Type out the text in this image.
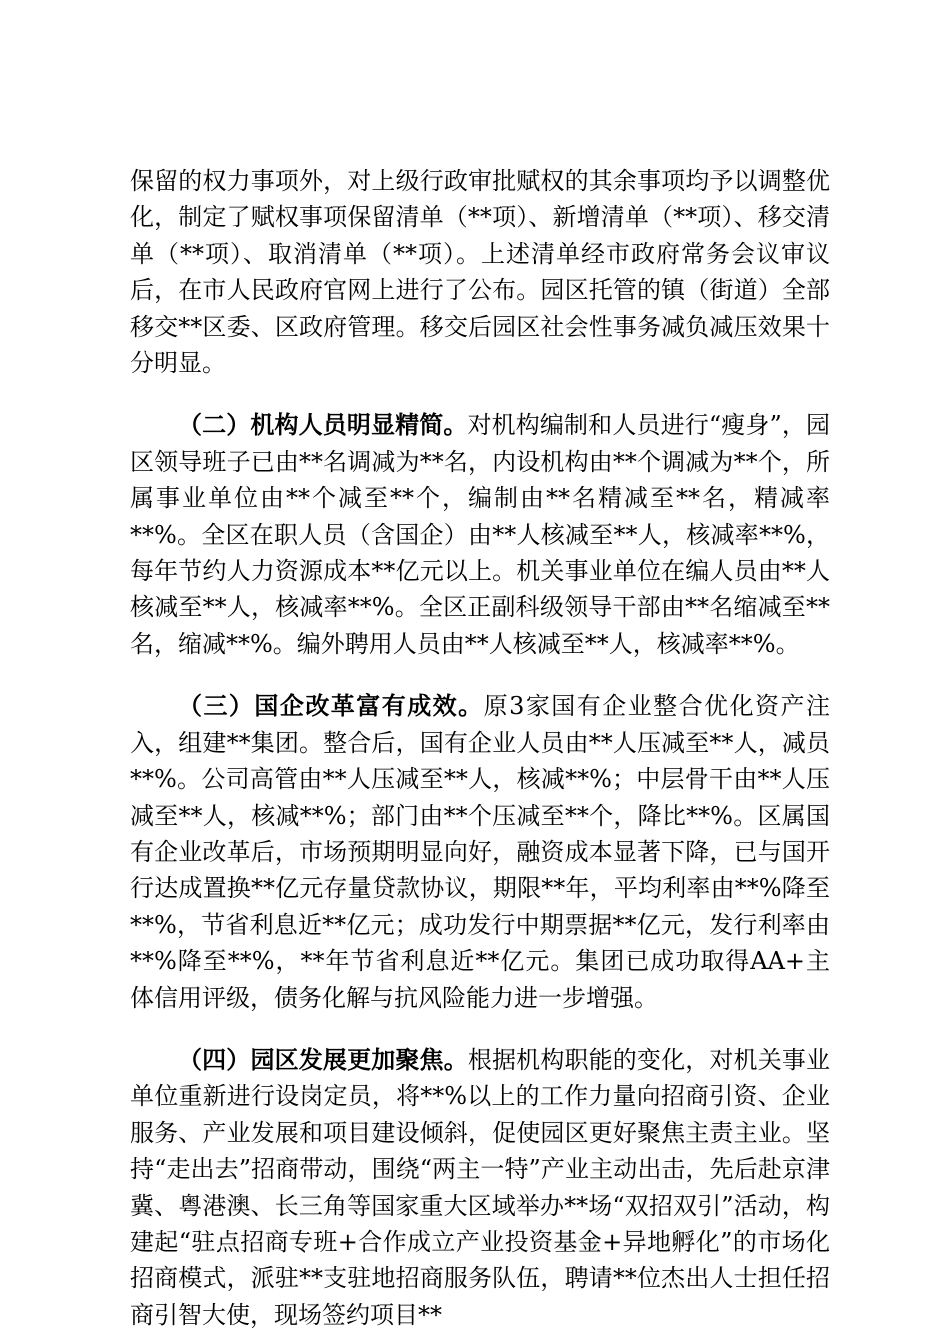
保留的权力事项外，对上级行政审批赋权的其余事项均予以调整优化，制定了赋权事项保留清单（**项）、新增清单（**项）、移交清单（**项）、取消清单（**项）。上述清单经市政府常务会议审议后，在市人民政府官网上进行了公布。园区托管的镇（街道）全部移交**区委、区政府管理。移交后园区社会性事务减负减压效果十分明显。

（二）机构人员明显精简。对机构编制和人员进行“瘦身”，园区领导班子已由**名调减为**名，内设机构由**个调减为**个，所属事业单位由**个减至**个，编制由**名精减至**名，精减率**%。全区在职人员（含国企）由**人核减至**人，核减率**%，每年节约人力资源成本**亿元以上。机关事业单位在编人员由**人核减至**人，核减率**%。全区正副科级领导干部由**名缩减至**名，缩减**%。编外聘用人员由**人核减至**人，核减率**%。

（三）国企改革富有成效。原3家国有企业整合优化资产注入，组建**集团。整合后，国有企业人员由**人压减至**人，减员**%。公司高管由**人压减至**人，核减**%；中层骨干由**人压减至**人，核减**%；部门由**个压减至**个，降比**%。区属国有企业改革后，市场预期明显向好，融资成本显著下降，已与国开行达成置换**亿元存量贷款协议，期限**年，平均利率由**%降至**%，节省利息近**亿元；成功发行中期票据**亿元，发行利率由**%降至**%，**年节省利息近**亿元。集团已成功取得AA+主体信用评级，债务化解与抗风险能力进一步增强。

（四）园区发展更加聚焦。根据机构职能的变化，对机关事业单位重新进行设岗定员，将**%以上的工作力量向招商引资、企业服务、产业发展和项目建设倾斜，促使园区更好聚焦主责主业。坚持“走出去”招商带动，围绕“两主一特”产业主动出击，先后赴京津冀、粤港澳、长三角等国家重大区域举办**场“双招双引”活动，构建起“驻点招商专班+合作成立产业投资基金+异地孵化”的市场化招商模式，派驻**支驻地招商服务队伍，聘请**位杰出人士担任招商引智大使，现场签约项目**
